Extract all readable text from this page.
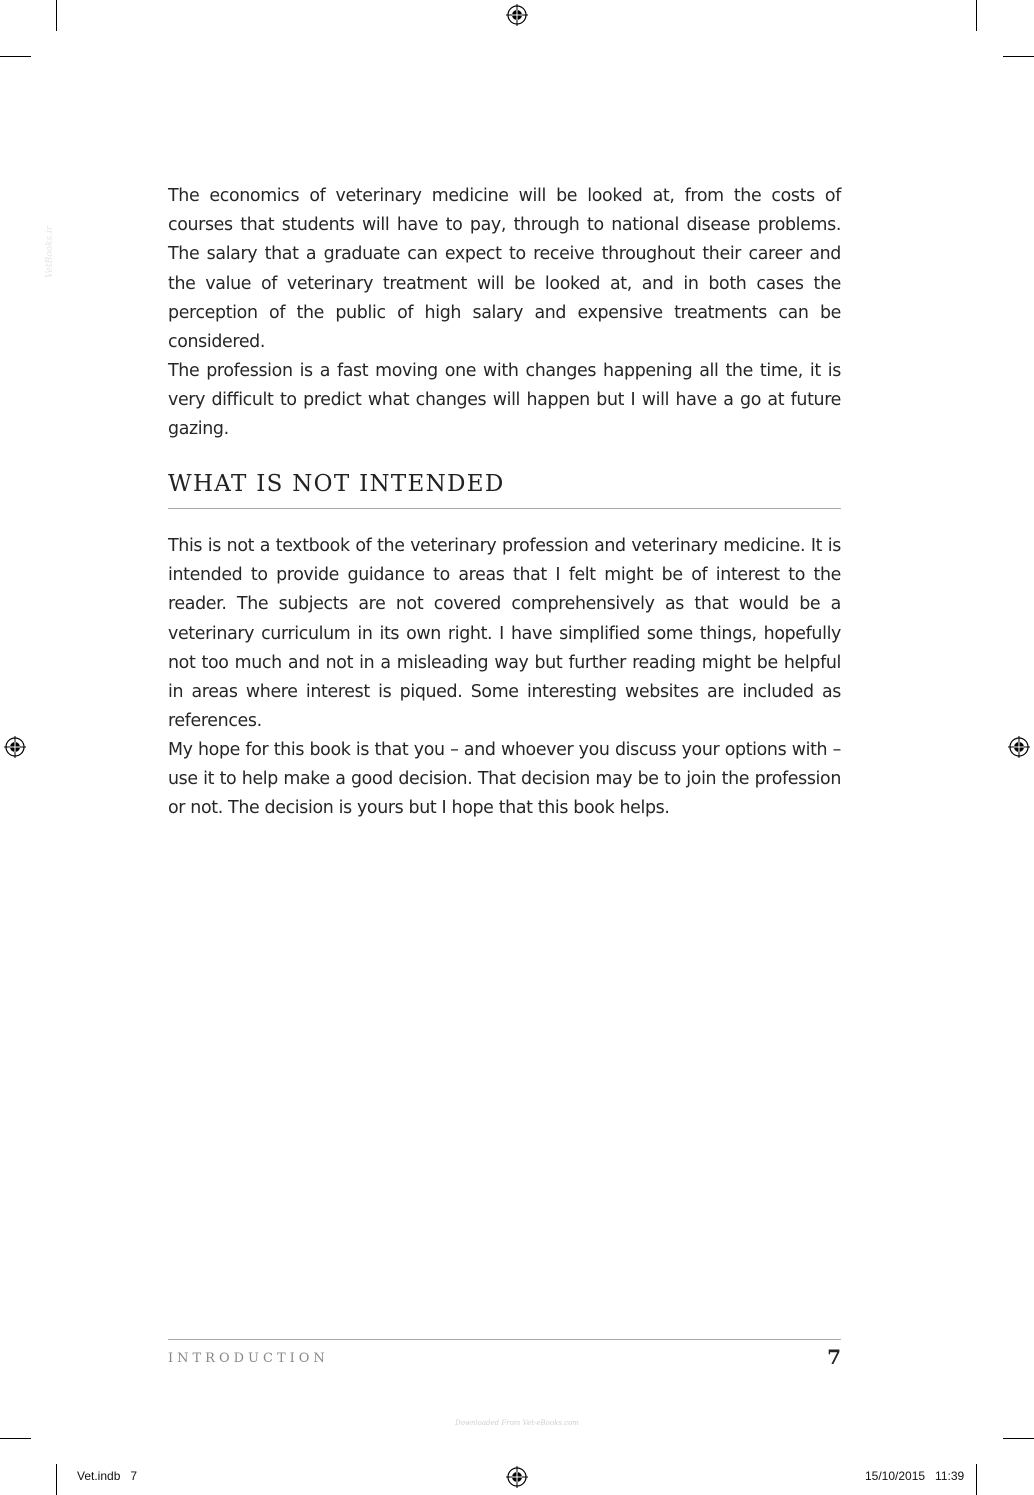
VetBooks.ir
Downloaded From Vet-eBooks.com

The economics of veterinary medicine will be looked at, from the costs of courses that students will have to pay, through to national disease problems. The salary that a graduate can expect to receive throughout their career and the value of veterinary treatment will be looked at, and in both cases the perception of the public of high salary and expensive treatments can be considered.

The profession is a fast moving one with changes happening all the time, it is very difficult to predict what changes will happen but I will have a go at future gazing.

WHAT IS NOT INTENDED

This is not a textbook of the veterinary profession and veterinary medicine. It is intended to provide guidance to areas that I felt might be of interest to the reader. The subjects are not covered comprehensively as that would be a veterinary curriculum in its own right. I have simplified some things, hopefully not too much and not in a misleading way but further reading might be helpful in areas where interest is piqued. Some interesting websites are included as references.

My hope for this book is that you – and whoever you discuss your options with – use it to help make a good decision. That decision may be to join the profession or not. The decision is yours but I hope that this book helps.

INTRODUCTION	7
Vet.indb   7	15/10/2015   11:39
